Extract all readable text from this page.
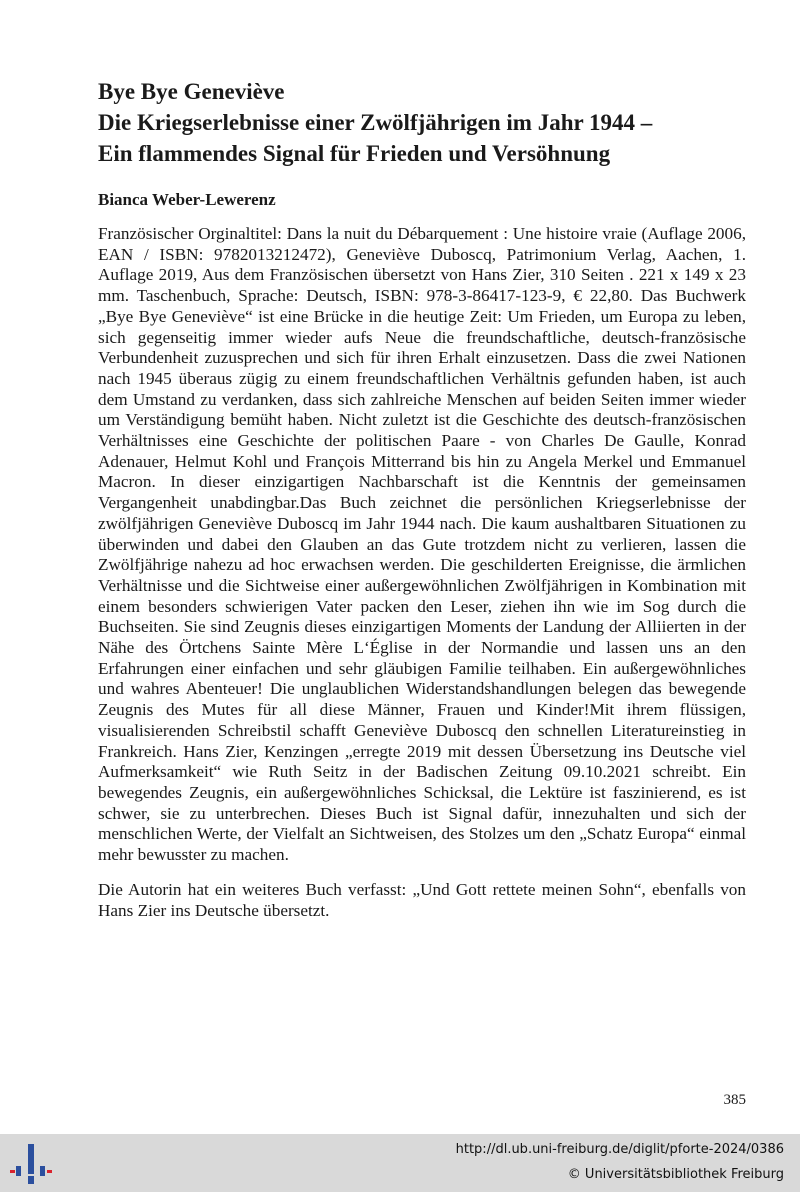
Bye Bye Geneviève

Die Kriegserlebnisse einer Zwölfjährigen im Jahr 1944 –

Ein flammendes Signal für Frieden und Versöhnung

Bianca Weber-Lewerenz

Französischer Orginaltitel: Dans la nuit du Débarquement : Une histoire vraie (Auflage 2006, EAN / ISBN: 9782013212472), Geneviève Duboscq, Patrimonium Verlag, Aachen, 1. Auflage 2019, Aus dem Französischen übersetzt von Hans Zier, 310 Seiten . 221 x 149 x 23 mm. Taschenbuch, Sprache: Deutsch, ISBN: 978-3-86417-123-9, € 22,80. Das Buchwerk „Bye Bye Geneviève“ ist eine Brücke in die heutige Zeit: Um Frieden, um Europa zu leben, sich gegenseitig immer wieder aufs Neue die freundschaftliche, deutsch-französische Verbundenheit zuzusprechen und sich für ihren Erhalt einzusetzen. Dass die zwei Nationen nach 1945 überaus zügig zu einem freundschaftlichen Verhältnis gefunden haben, ist auch dem Umstand zu verdanken, dass sich zahlreiche Menschen auf beiden Seiten immer wieder um Verständigung bemüht haben. Nicht zuletzt ist die Geschichte des deutsch-französischen Verhältnisses eine Geschichte der politischen Paare - von Charles De Gaulle, Konrad Adenauer, Helmut Kohl und François Mitterrand bis hin zu Angela Merkel und Emmanuel Macron. In dieser einzigartigen Nachbarschaft ist die Kenntnis der gemeinsamen Vergangenheit unabdingbar.Das Buch zeichnet die persönlichen Kriegserlebnisse der zwölfjährigen Geneviève Duboscq im Jahr 1944 nach. Die kaum aushaltbaren Situationen zu überwinden und dabei den Glauben an das Gute trotzdem nicht zu verlieren, lassen die Zwölfjährige nahezu ad hoc erwachsen werden. Die geschilderten Ereignisse, die ärmlichen Verhältnisse und die Sichtweise einer außergewöhnlichen Zwölfjährigen in Kombination mit einem besonders schwierigen Vater packen den Leser, ziehen ihn wie im Sog durch die Buchseiten. Sie sind Zeugnis dieses einzigartigen Moments der Landung der Alliierten in der Nähe des Örtchens Sainte Mère L‘Église in der Normandie und lassen uns an den Erfahrungen einer einfachen und sehr gläubigen Familie teilhaben. Ein außergewöhnliches und wahres Abenteuer! Die unglaublichen Widerstandshandlungen belegen das bewegende Zeugnis des Mutes für all diese Männer, Frauen und Kinder!Mit ihrem flüssigen, visualisierenden Schreibstil schafft Geneviève Duboscq den schnellen Literatureinstieg in Frankreich. Hans Zier, Kenzingen „erregte 2019 mit dessen Übersetzung ins Deutsche viel Aufmerksamkeit“ wie Ruth Seitz in der Badischen Zeitung 09.10.2021 schreibt. Ein bewegendes Zeugnis, ein außergewöhnliches Schicksal, die Lektüre ist faszinierend, es ist schwer, sie zu unterbrechen. Dieses Buch ist Signal dafür, innezuhalten und sich der menschlichen Werte, der Vielfalt an Sichtweisen, des Stolzes um den „Schatz Europa“ einmal mehr bewusster zu machen.

Die Autorin hat ein weiteres Buch verfasst: „Und Gott rettete meinen Sohn“, ebenfalls von Hans Zier ins Deutsche übersetzt.

385
http://dl.ub.uni-freiburg.de/diglit/pforte-2024/0386
© Universitätsbibliothek Freiburg
